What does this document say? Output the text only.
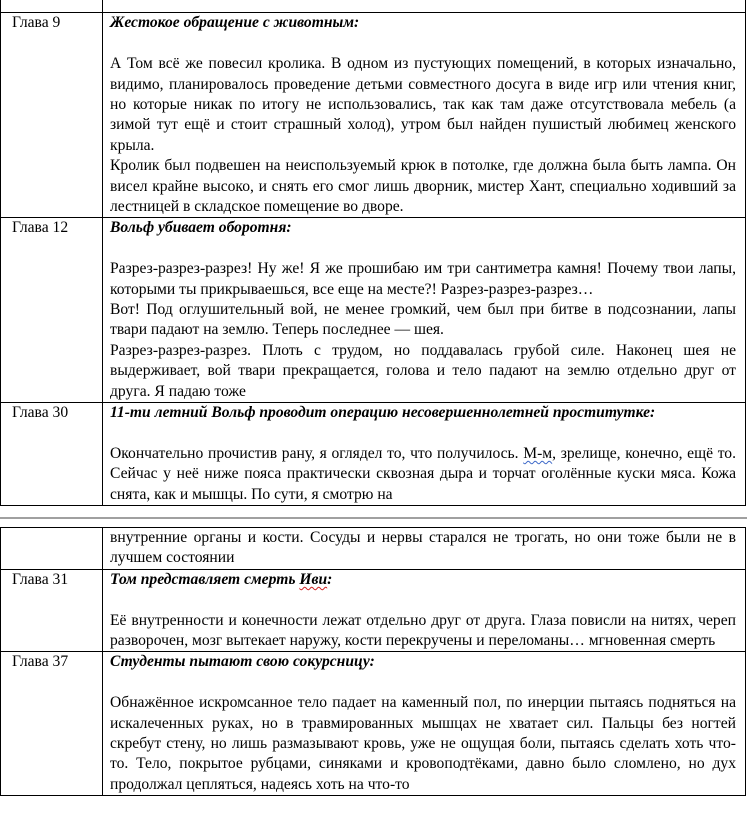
Глава 9	Жестокое обращение с животным:
А Том всё же повесил кролика. В одном из пустующих помещений, в которых изначально, видимо, планировалось проведение детьми совместного досуга в виде игр или чтения книг, но которые никак по итогу не использовались, так как там даже отсутствовала мебель (а зимой тут ещё и стоит страшный холод), утром был найден пушистый любимец женского крыла.
Кролик был подвешен на неиспользуемый крюк в потолке, где должна была быть лампа. Он висел крайне высоко, и снять его смог лишь дворник, мистер Хант, специально ходивший за лестницей в складское помещение во дворе.

Глава 12	Вольф убивает оборотня:
Разрез-разрез-разрез! Ну же! Я же прошибаю им три сантиметра камня! Почему твои лапы, которыми ты прикрываешься, все еще на месте?! Разрез-разрез-разрез…
Вот! Под оглушительный вой, не менее громкий, чем был при битве в подсознании, лапы твари падают на землю. Теперь последнее — шея.
Разрез-разрез-разрез. Плоть с трудом, но поддавалась грубой силе. Наконец шея не выдерживает, вой твари прекращается, голова и тело падают на землю отдельно друг от друга. Я падаю тоже

Глава 30	11-ти летний Вольф проводит операцию несовершеннолетней проститутке:
Окончательно прочистив рану, я оглядел то, что получилось. М-м, зрелище, конечно, ещё то. Сейчас у неё ниже пояса практически сквозная дыра и торчат оголённые куски мяса. Кожа снята, как и мышцы. По сути, я смотрю на

	внутренние органы и кости. Сосуды и нервы старался не трогать, но они тоже были не в лучшем состоянии

Глава 31	Том представляет смерть Иви:
Её внутренности и конечности лежат отдельно друг от друга. Глаза повисли на нитях, череп разворочен, мозг вытекает наружу, кости перекручены и переломаны… мгновенная смерть

Глава 37	Студенты пытают свою сокурсницу:
Обнажённое искромсанное тело падает на каменный пол, по инерции пытаясь подняться на искалеченных руках, но в травмированных мышцах не хватает сил. Пальцы без ногтей скребут стену, но лишь размазывают кровь, уже не ощущая боли, пытаясь сделать хоть что-то. Тело, покрытое рубцами, синяками и кровоподтёками, давно было сломлено, но дух продолжал цепляться, надеясь хоть на что-то
